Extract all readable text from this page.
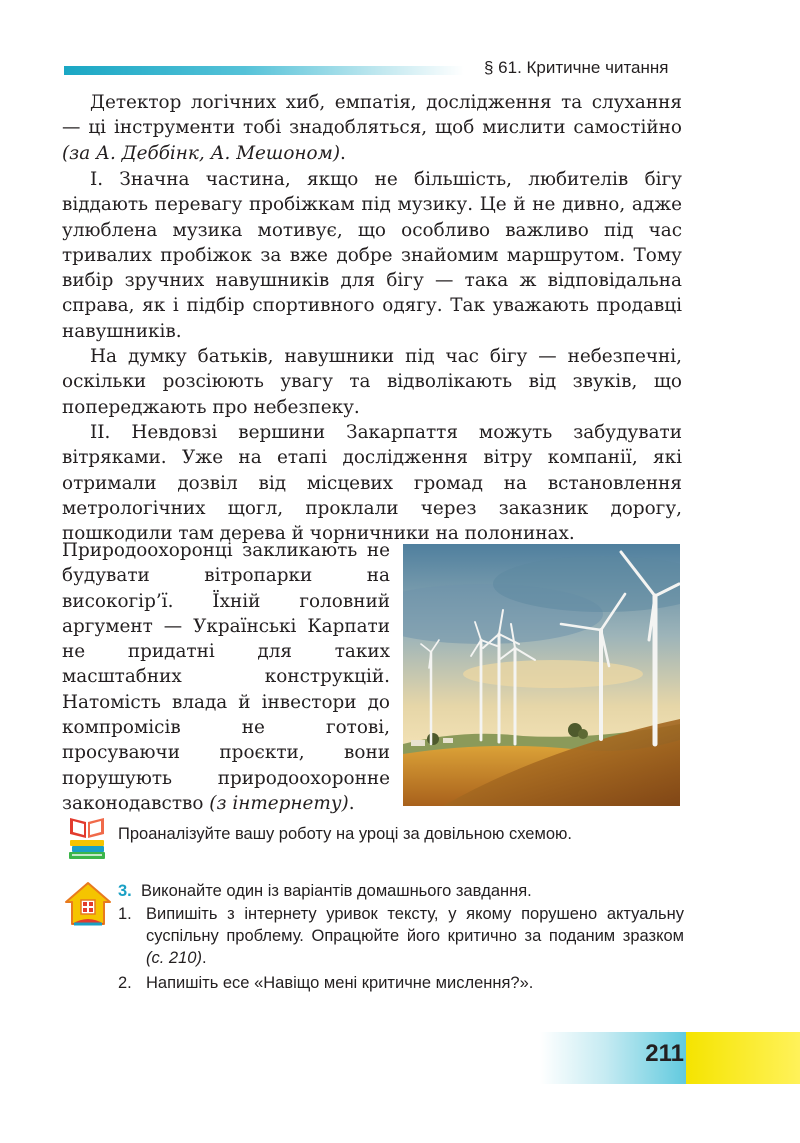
§ 61. Критичне читання

Детектор логічних хиб, емпатія, дослідження та слухання — ці інструменти тобі знадобляться, щоб мислити самостійно (за А. Деббінк, А. Мешоном).

I. Значна частина, якщо не більшість, любителів бігу віддають перевагу пробіжкам під музику. Це й не дивно, адже улюблена музика мотивує, що особливо важливо під час тривалих пробіжок за вже добре знайомим маршрутом. Тому вибір зручних навушників для бігу — така ж відповідальна справа, як і підбір спортивного одягу. Так уважають продавці навушників.

На думку батьків, навушники під час бігу — небезпечні, оскільки розсіюють увагу та відволікають від звуків, що попереджають про небезпеку.

II. Невдовзі вершини Закарпаття можуть забудувати вітряками. Уже на етапі дослідження вітру компанії, які отримали дозвіл від місцевих громад на встановлення метрологічних щогл, проклали через заказник дорогу, пошкодили там дерева й чорничники на полонинах.

Природоохоронці закликають не будувати вітропарки на високогір’ї. Їхній головний аргумент — Українські Карпати не придатні для таких масштабних конструкцій. Натомість влада й інвестори до компромісів не готові, просуваючи проєкти, вони порушують природоохоронне законодавство (з інтернету).

Проаналізуйте вашу роботу на уроці за довільною схемою.
3. Виконайте один із варіантів домашнього завдання.
1. Випишіть з інтернету уривок тексту, у якому порушено актуальну суспільну проблему. Опрацюйте його критично за поданим зразком (с. 210).
2. Напишіть есе «Навіщо мені критичне мислення?».
211
